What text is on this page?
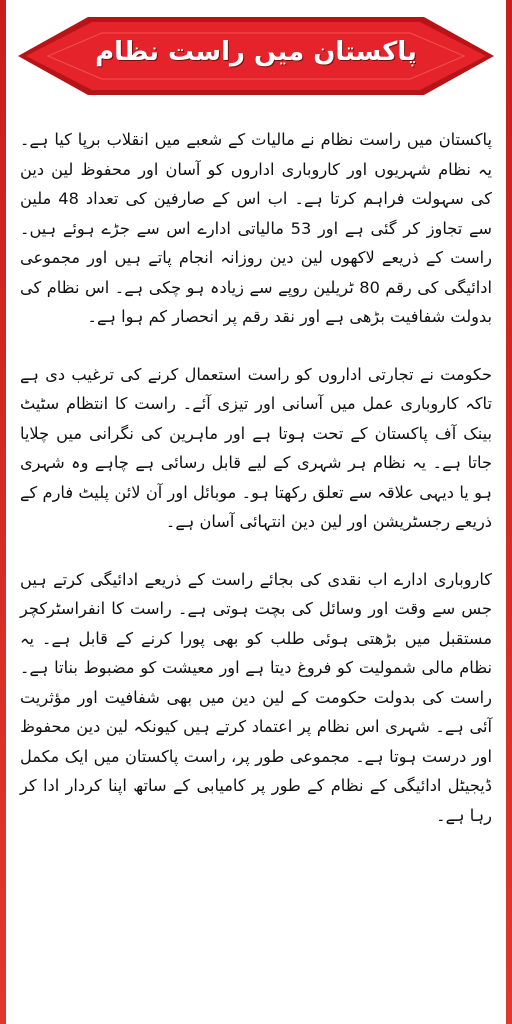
پاکستان میں راست نظام

پاکستان میں راست نظام نے مالیات کے شعبے میں انقلاب برپا کیا ہے۔ یہ نظام شہریوں اور کاروباری اداروں کو آسان اور محفوظ لین دین کی سہولت فراہم کرتا ہے۔ اب اس کے صارفین کی تعداد 48 ملین سے تجاوز کر گئی ہے اور 53 مالیاتی ادارے اس سے جڑے ہوئے ہیں۔ راست کے ذریعے لاکھوں لین دین روزانہ انجام پاتے ہیں اور مجموعی ادائیگی کی رقم 80 ٹریلین روپے سے زیادہ ہو چکی ہے۔ اس نظام کی بدولت شفافیت بڑھی ہے اور نقد رقم پر انحصار کم ہوا ہے۔

حکومت نے تجارتی اداروں کو راست استعمال کرنے کی ترغیب دی ہے تاکہ کاروباری عمل میں آسانی اور تیزی آئے۔ راست کا انتظام سٹیٹ بینک آف پاکستان کے تحت ہوتا ہے اور ماہرین کی نگرانی میں چلایا جاتا ہے۔ یہ نظام ہر شہری کے لیے قابل رسائی ہے چاہے وہ شہری ہو یا دیہی علاقہ سے تعلق رکھتا ہو۔ موبائل اور آن لائن پلیٹ فارم کے ذریعے رجسٹریشن اور لین دین انتہائی آسان ہے۔

کاروباری ادارے اب نقدی کی بجائے راست کے ذریعے ادائیگی کرتے ہیں جس سے وقت اور وسائل کی بچت ہوتی ہے۔ راست کا انفراسٹرکچر مستقبل میں بڑھتی ہوئی طلب کو بھی پورا کرنے کے قابل ہے۔ یہ نظام مالی شمولیت کو فروغ دیتا ہے اور معیشت کو مضبوط بناتا ہے۔ راست کی بدولت حکومت کے لین دین میں بھی شفافیت اور مؤثریت آئی ہے۔ شہری اس نظام پر اعتماد کرتے ہیں کیونکہ لین دین محفوظ اور درست ہوتا ہے۔ مجموعی طور پر، راست پاکستان میں ایک مکمل ڈیجیٹل ادائیگی کے نظام کے طور پر کامیابی کے ساتھ اپنا کردار ادا کر رہا ہے۔
